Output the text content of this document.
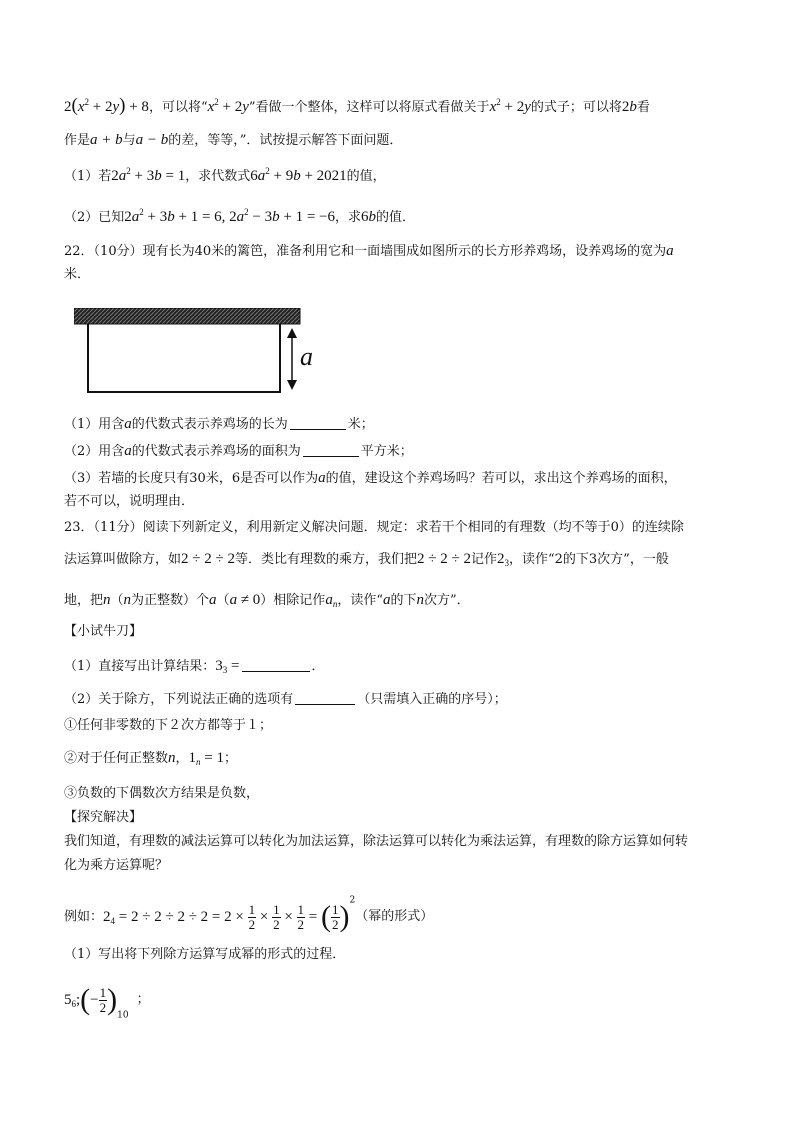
$2(x^2 + 2y) + 8$，可以将“$x^2 + 2y$”看做一个整体，这样可以将原式看做关于$x^2 + 2y$的式子；可以将2b看
作是a + b与a − b的差，等等，”．试按提示解答下面问题．
（1）若$2a^2 + 3b = 1$，求代数式$6a^2 + 9b + 2021$的值，
（2）已知$2a^2 + 3b + 1 = 6$, $2a^2 - 3b + 1 = -6$，求6b的值．
22．（10分）现有长为40米的篱笆，准备利用它和一面墙围成如图所示的长方形养鸡场，设养鸡场的宽为a
米．
a
（1）用含a的代数式表示养鸡场的长为	米；
（2）用含a的代数式表示养鸡场的面积为	平方米；
（3）若墙的长度只有30米，6是否可以作为a的值，建设这个养鸡场吗？若可以，求出这个养鸡场的面积，
若不可以，说明理由．
23．（11分）阅读下列新定义，利用新定义解决问题．规定：求若干个相同的有理数（均不等于0）的连续除
法运算叫做除方，如2 ÷ 2 ÷ 2等．类比有理数的乘方，我们把2 ÷ 2 ÷ 2记作$2_3$，读作“2的下3次方”，一般
地，把n（n为正整数）个a（a ≠ 0）相除记作$a_n$，读作“a的下n次方”．
【小试牛刀】
（1）直接写出计算结果：$3_3$ =	．
（2）关于除方，下列说法正确的选项有	（只需填入正确的序号）；
①任何非零数的下２次方都等于１；
②对于任何正整数n，$1_n = 1$；
③负数的下偶数次方结果是负数，
【探究解决】
我们知道，有理数的减法运算可以转化为加法运算，除法运算可以转化为乘法运算，有理数的除方运算如何转
化为乘方运算呢？
例如：$2_4 = 2 \div 2 \div 2 \div 2 = 2 \times \frac{1}{2} \times \frac{1}{2} \times \frac{1}{2}$ = ( $\frac{1}{2} )^2$（幂的形式）
（1）写出将下列除方运算写成幂的形式的过程．
$5_6;(- \frac{1}{2} )_{10}$；
